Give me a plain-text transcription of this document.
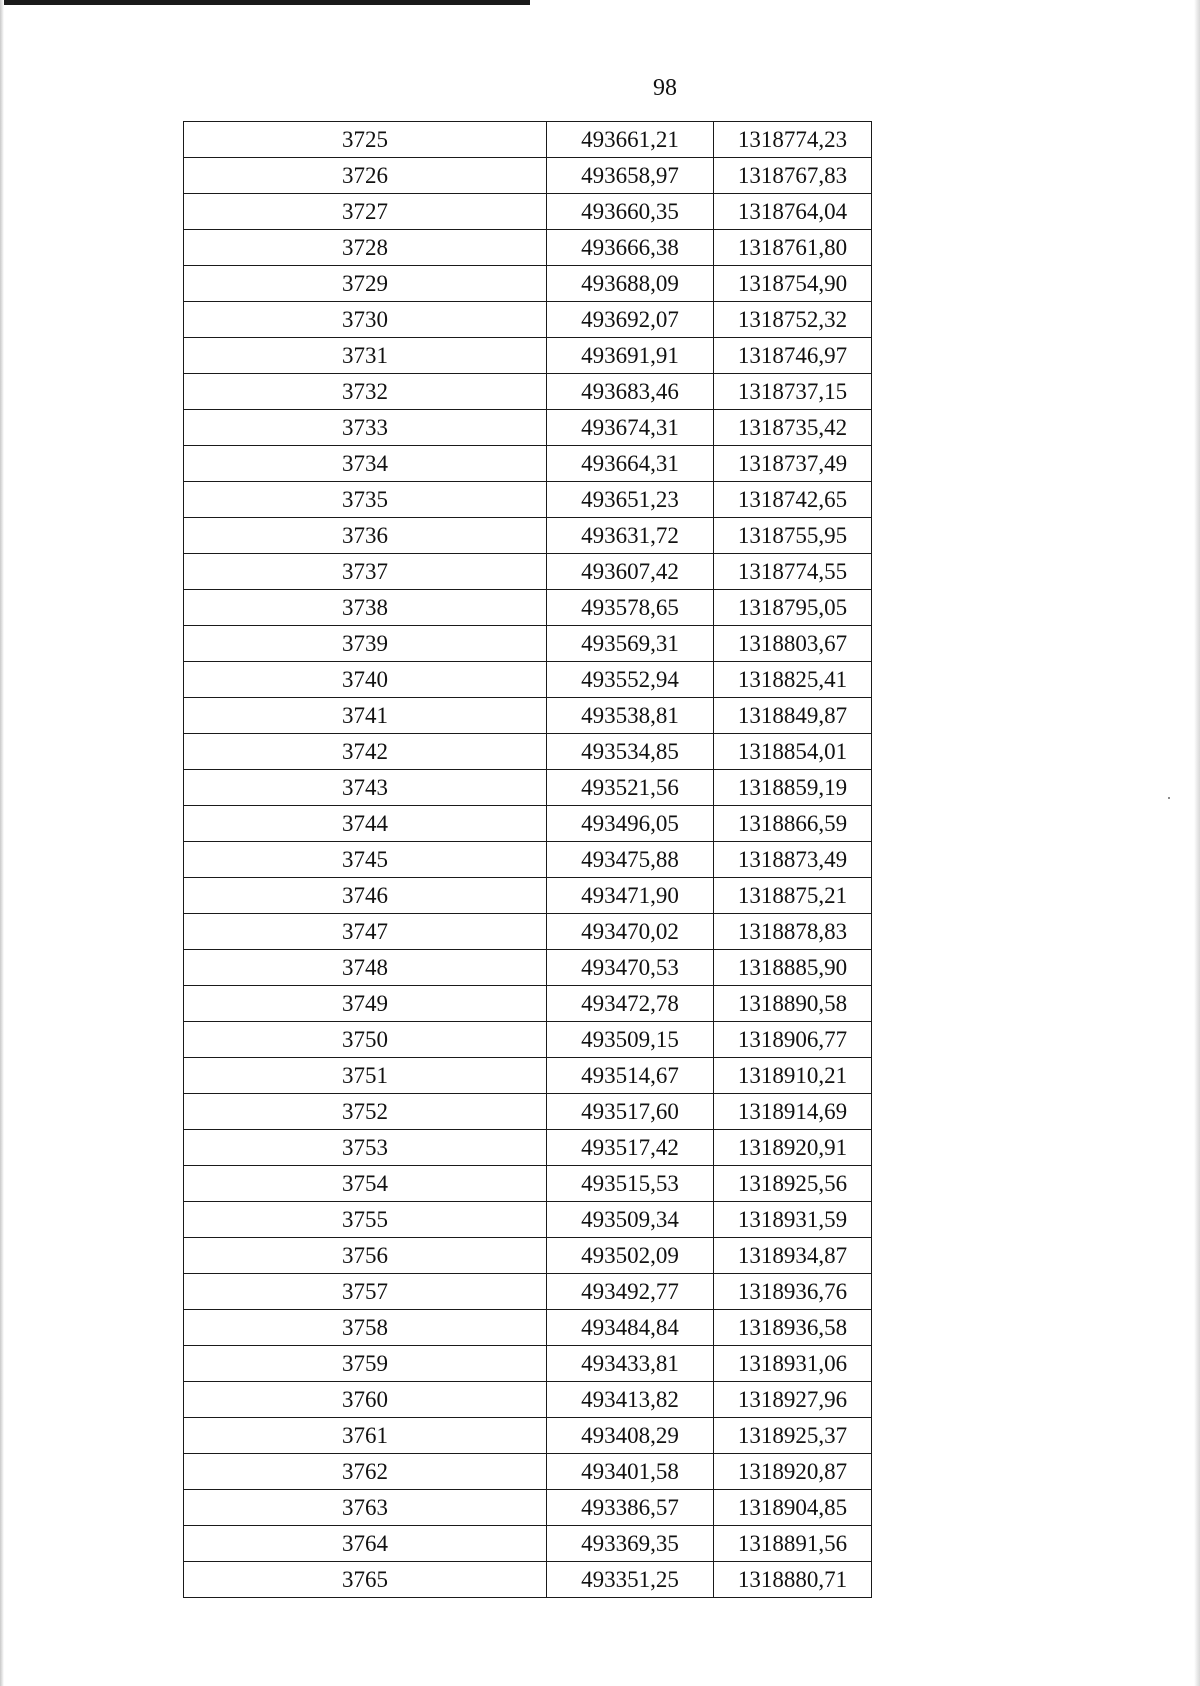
98
3725	493661,21	1318774,23
3726	493658,97	1318767,83
3727	493660,35	1318764,04
3728	493666,38	1318761,80
3729	493688,09	1318754,90
3730	493692,07	1318752,32
3731	493691,91	1318746,97
3732	493683,46	1318737,15
3733	493674,31	1318735,42
3734	493664,31	1318737,49
3735	493651,23	1318742,65
3736	493631,72	1318755,95
3737	493607,42	1318774,55
3738	493578,65	1318795,05
3739	493569,31	1318803,67
3740	493552,94	1318825,41
3741	493538,81	1318849,87
3742	493534,85	1318854,01
3743	493521,56	1318859,19
3744	493496,05	1318866,59
3745	493475,88	1318873,49
3746	493471,90	1318875,21
3747	493470,02	1318878,83
3748	493470,53	1318885,90
3749	493472,78	1318890,58
3750	493509,15	1318906,77
3751	493514,67	1318910,21
3752	493517,60	1318914,69
3753	493517,42	1318920,91
3754	493515,53	1318925,56
3755	493509,34	1318931,59
3756	493502,09	1318934,87
3757	493492,77	1318936,76
3758	493484,84	1318936,58
3759	493433,81	1318931,06
3760	493413,82	1318927,96
3761	493408,29	1318925,37
3762	493401,58	1318920,87
3763	493386,57	1318904,85
3764	493369,35	1318891,56
3765	493351,25	1318880,71
